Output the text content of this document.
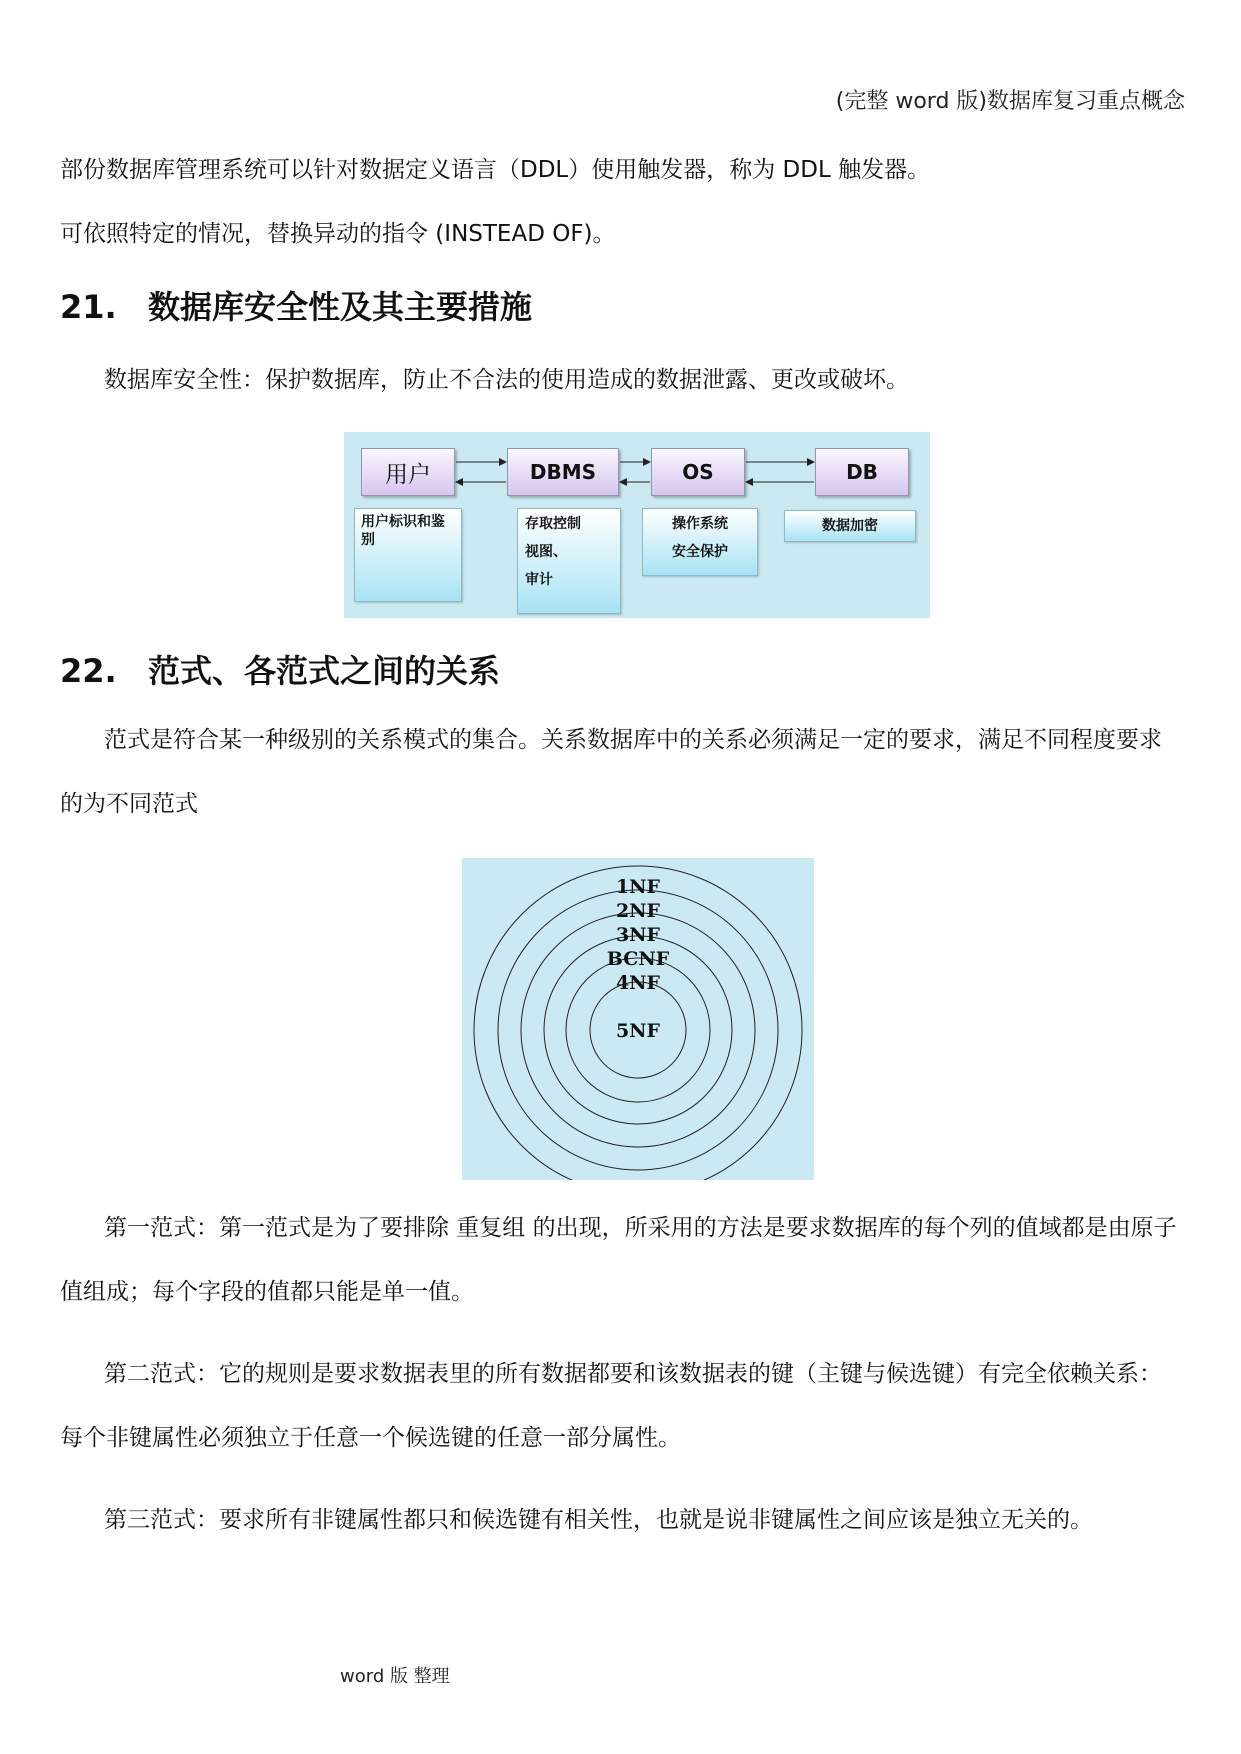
(完整 word 版)数据库复习重点概念
部份数据库管理系统可以针对数据定义语言（DDL）使用触发器，称为 DDL 触发器。
可依照特定的情况，替换异动的指令 (INSTEAD OF)。
21. 数据库安全性及其主要措施
数据库安全性：保护数据库，防止不合法的使用造成的数据泄露、更改或破坏。
用户	DBMS	OS	DB
用户标识和鉴别
存取控制
视图、
审计
操作系统
安全保护
数据加密
22. 范式、各范式之间的关系
范式是符合某一种级别的关系模式的集合。关系数据库中的关系必须满足一定的要求，满足不同程度要求的为不同范式
1NF
2NF
3NF
BCNF
4NF
5NF
第一范式：第一范式是为了要排除 重复组 的出现，所采用的方法是要求数据库的每个列的值域都是由原子值组成；每个字段的值都只能是单一值。
第二范式：它的规则是要求数据表里的所有数据都要和该数据表的键（主键与候选键）有完全依赖关系：每个非键属性必须独立于任意一个候选键的任意一部分属性。
第三范式：要求所有非键属性都只和候选键有相关性，也就是说非键属性之间应该是独立无关的。
word 版 整理
